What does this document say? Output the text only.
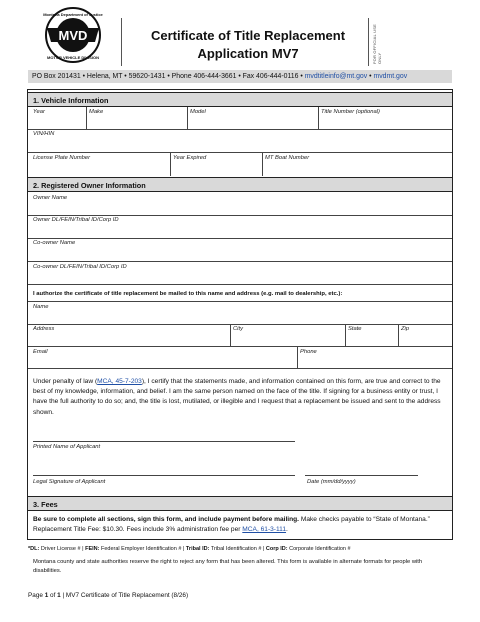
MVD
Montana Department of Justice
MOTOR VEHICLE DIVISION
Certificate of Title Replacement
Application MV7	FOR OFFICIAL USE ONLY
PO Box 201431 • Helena, MT • 59620-1431 • Phone 406-444-3661 • Fax 406-444-0116 • mvdtitleinfo@mt.gov • mvdmt.gov
1. Vehicle Information
Year	Make	Model	Title Number (optional)
VIN/HIN
License Plate Number	Year Expired	MT Boat Number
2. Registered Owner Information
Owner Name
Owner DL/FEIN/Tribal ID/Corp ID
Co-owner Name
Co-owner DL/FEIN/Tribal ID/Corp ID
I authorize the certificate of title replacement be mailed to this name and address (e.g. mail to dealership, etc.):
Name
Address	City	State	Zip
Email	Phone
Under penalty of law (MCA, 45-7-203), I certify that the statements made, and information contained on this form, are true and correct to the best of my knowledge, information, and belief. I am the same person named on the face of the title. If signing for a business entity or trust, I have the full authority to do so; and, the title is lost, mutilated, or illegible and I request that a replacement be issued and sent to the address shown.
Printed Name of Applicant
Legal Signature of Applicant	Date (mm/dd/yyyy)
3. Fees
Be sure to complete all sections, sign this form, and include payment before mailing. Make checks payable to “State of Montana.” Replacement Title Fee: $10.30. Fees include 3% administration fee per MCA, 61-3-111.
*DL: Driver License # | FEIN: Federal Employer Identification # | Tribal ID: Tribal Identification # | Corp ID: Corporate Identification #
Montana county and state authorities reserve the right to reject any form that has been altered. This form is available in alternate formats for people with disabilities.
Page 1 of 1 | MV7 Certificate of Title Replacement (8/26)
